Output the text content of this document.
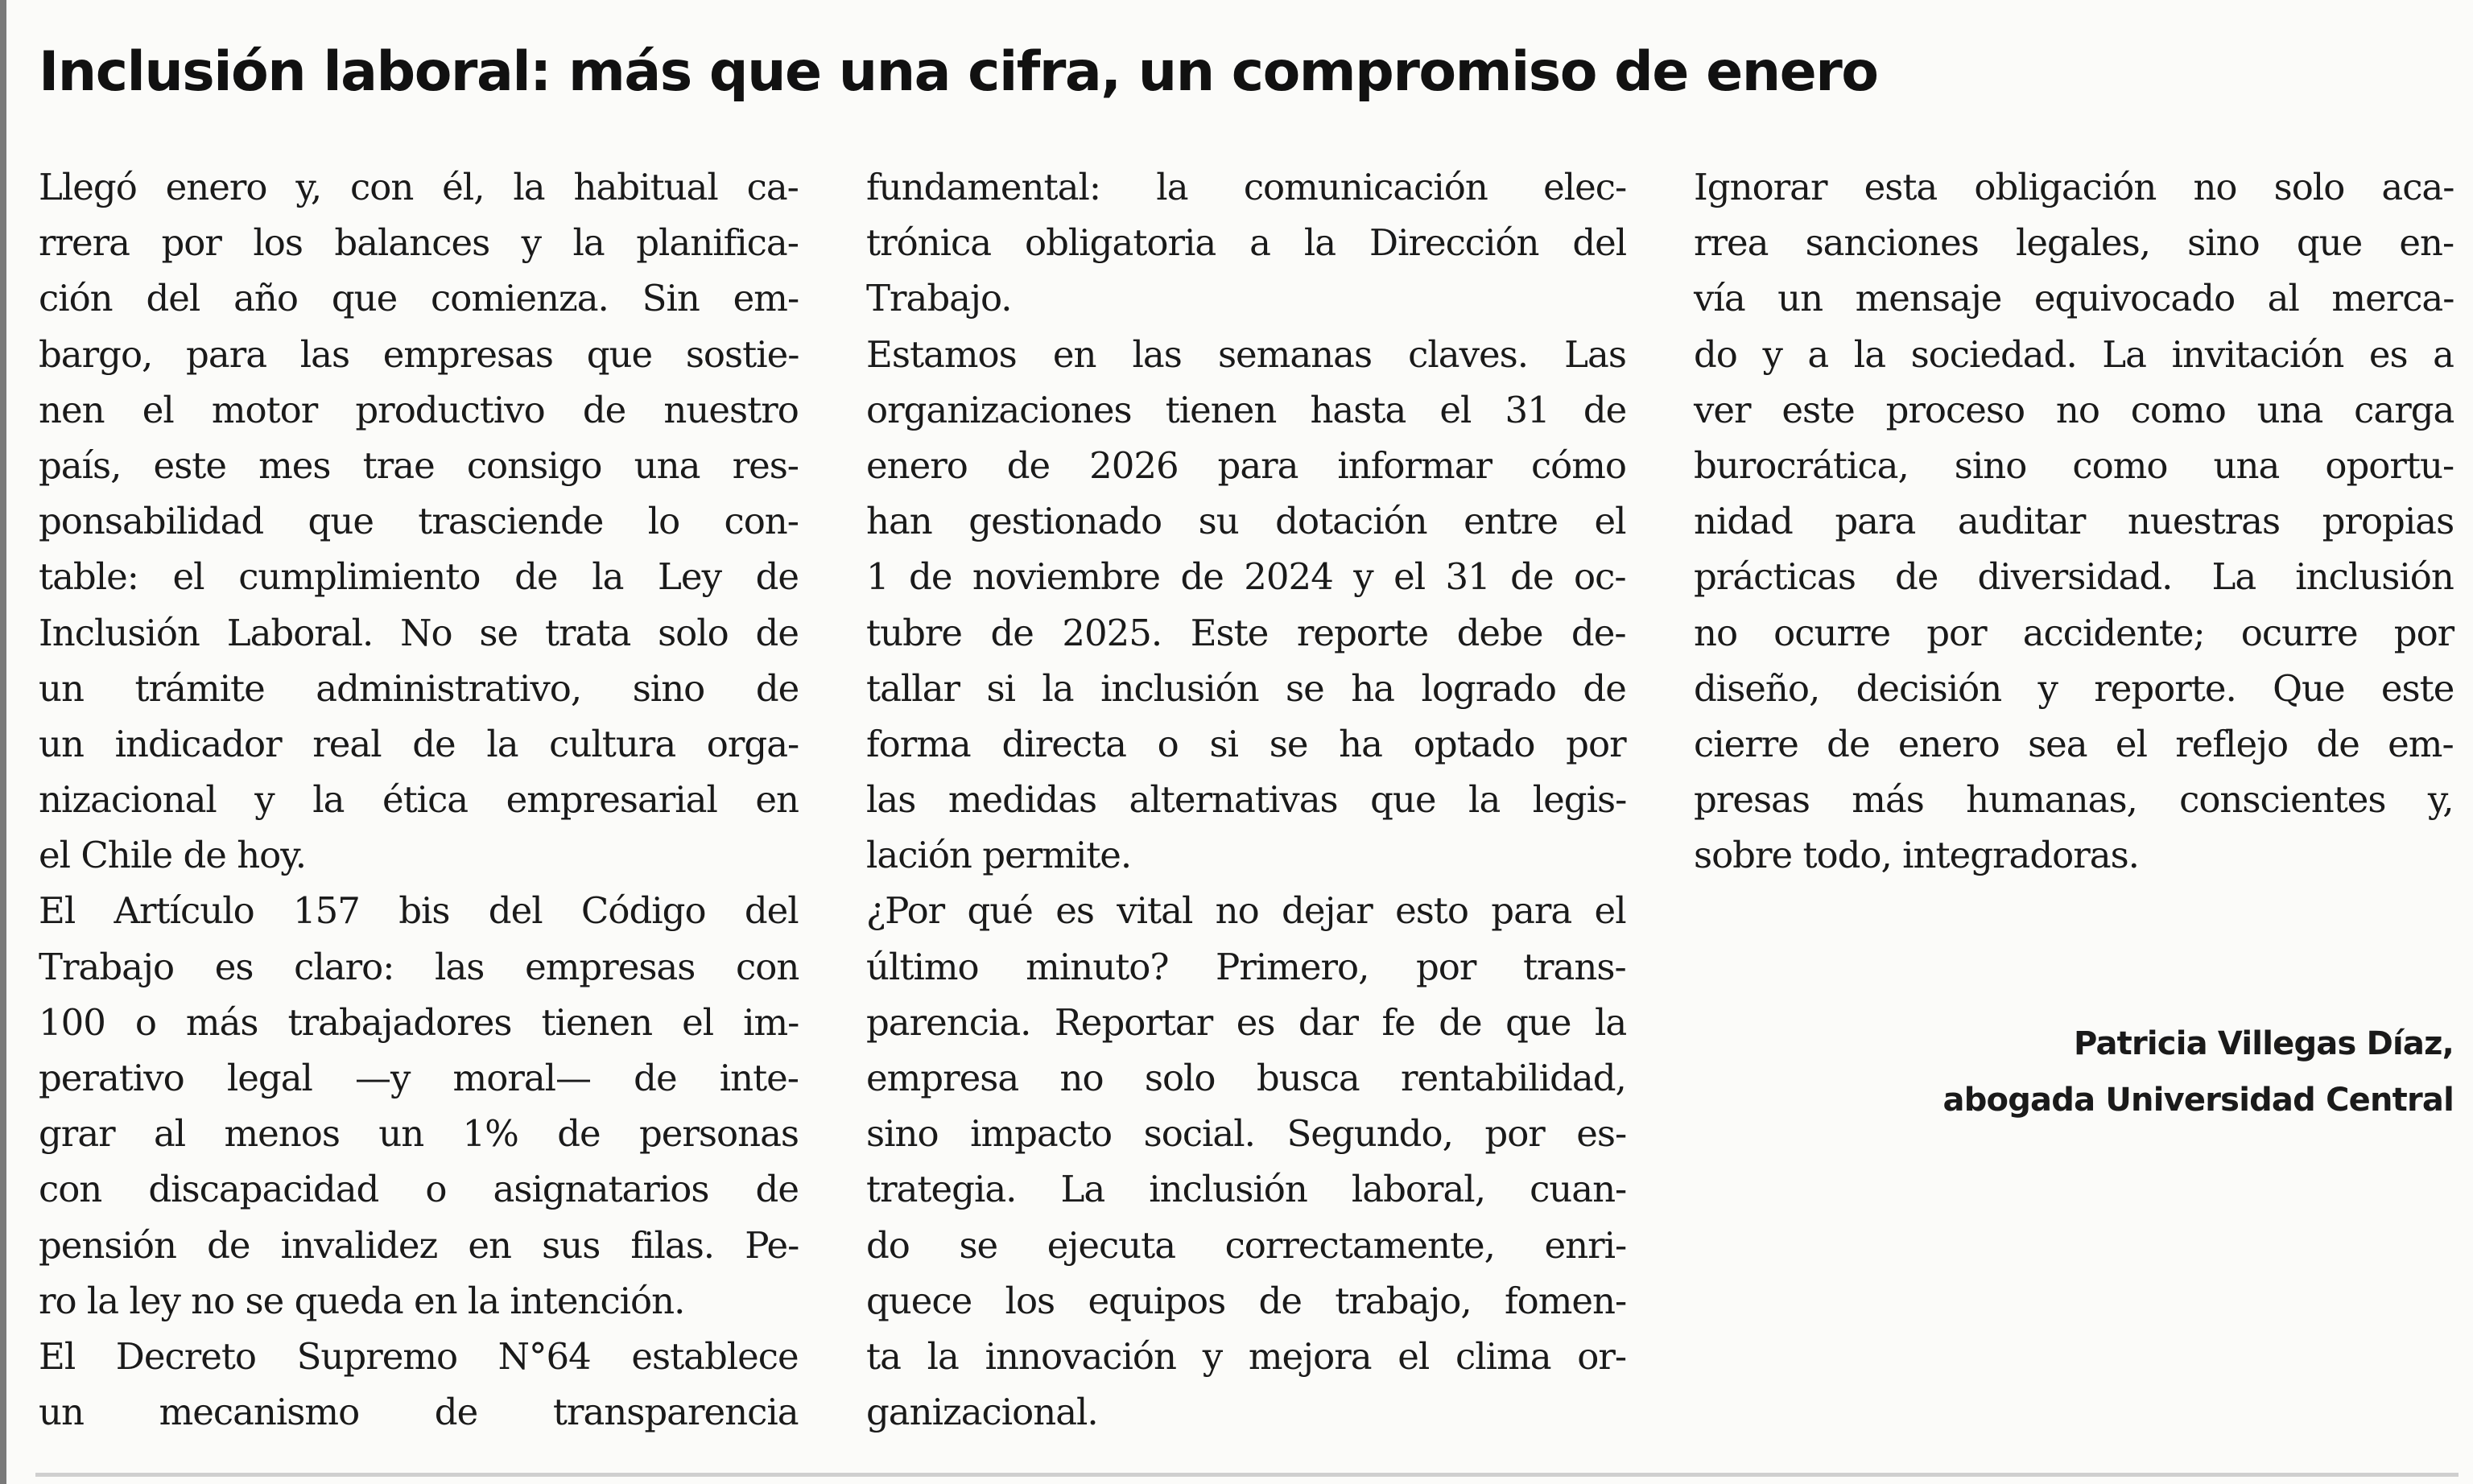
Inclusión laboral: más que una cifra, un compromiso de enero
Llegó enero y, con él, la habitual ca-
rrera por los balances y la planifica-
ción del año que comienza. Sin em-
bargo, para las empresas que sostie-
nen el motor productivo de nuestro
país, este mes trae consigo una res-
ponsabilidad que trasciende lo con-
table: el cumplimiento de la Ley de
Inclusión Laboral. No se trata solo de
un trámite administrativo, sino de
un indicador real de la cultura orga-
nizacional y la ética empresarial en
el Chile de hoy.
El Artículo 157 bis del Código del
Trabajo es claro: las empresas con
100 o más trabajadores tienen el im-
perativo legal —y moral— de inte-
grar al menos un 1% de personas
con discapacidad o asignatarios de
pensión de invalidez en sus filas. Pe-
ro la ley no se queda en la intención.
El Decreto Supremo N°64 establece
un mecanismo de transparencia
fundamental: la comunicación elec-
trónica obligatoria a la Dirección del
Trabajo.
Estamos en las semanas claves. Las
organizaciones tienen hasta el 31 de
enero de 2026 para informar cómo
han gestionado su dotación entre el
1 de noviembre de 2024 y el 31 de oc-
tubre de 2025. Este reporte debe de-
tallar si la inclusión se ha logrado de
forma directa o si se ha optado por
las medidas alternativas que la legis-
lación permite.
¿Por qué es vital no dejar esto para el
último minuto? Primero, por trans-
parencia. Reportar es dar fe de que la
empresa no solo busca rentabilidad,
sino impacto social. Segundo, por es-
trategia. La inclusión laboral, cuan-
do se ejecuta correctamente, enri-
quece los equipos de trabajo, fomen-
ta la innovación y mejora el clima or-
ganizacional.
Ignorar esta obligación no solo aca-
rrea sanciones legales, sino que en-
vía un mensaje equivocado al merca-
do y a la sociedad. La invitación es a
ver este proceso no como una carga
burocrática, sino como una oportu-
nidad para auditar nuestras propias
prácticas de diversidad. La inclusión
no ocurre por accidente; ocurre por
diseño, decisión y reporte. Que este
cierre de enero sea el reflejo de em-
presas más humanas, conscientes y,
sobre todo, integradoras.
Patricia Villegas Díaz,
abogada Universidad Central
